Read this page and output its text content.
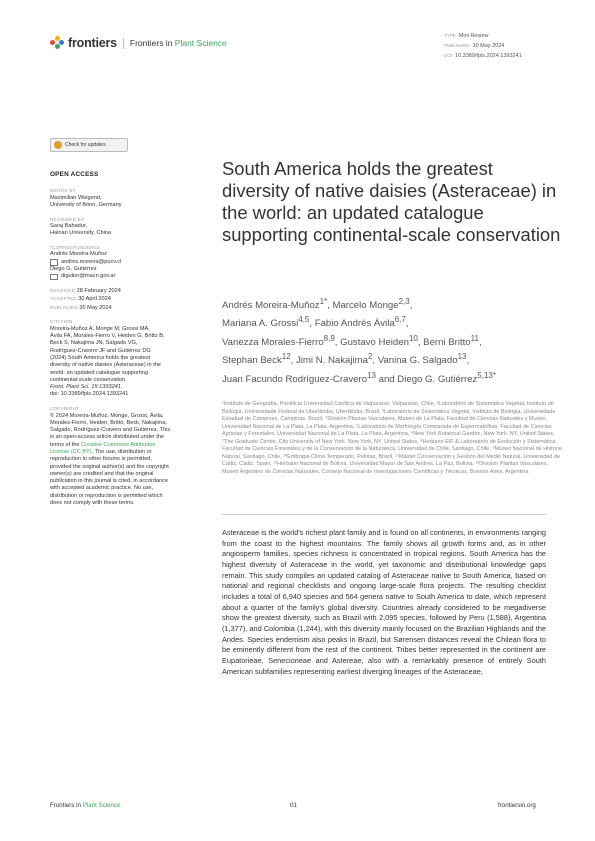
frontiers Frontiers in Plant Science
TYPE Mini Review
PUBLISHED 30 May 2024
DOI 10.3389/fpls.2024.1393241
Check for updates
OPEN ACCESS
EDITED BY
Maximilian Weigend,
University of Bonn, Germany
REVIEWED BY
Saraj Bahadur,
Hainan University, China
*CORRESPONDENCE
Andrés Moreira-Muñoz
andres.moreira@pucv.cl
Diego G. Gutiérrez
digutier@macn.gov.ar
RECEIVED 28 February 2024
ACCEPTED 30 April 2024
PUBLISHED 30 May 2024
CITATION
Moreira-Muñoz A, Monge M, Grossi MA,
Ávila FA, Morales-Fierro V, Heiden G, Britto B,
Beck S, Nakajima JN, Salgado VG,
Rodríguez-Cravero JF and Gutiérrez DG
(2024) South America holds the greatest
diversity of native daisies (Asteraceae) in the
world: an updated catalogue supporting
continental-scale conservation.
Front. Plant Sci. 15:1393241.
doi: 10.3389/fpls.2024.1393241
COPYRIGHT
© 2024 Moreira-Muñoz, Monge, Grossi, Ávila,
Morales-Fierro, Heiden, Britto, Beck, Nakajima,
Salgado, Rodríguez-Cravero and Gutiérrez. This
is an open-access article distributed under the
terms of the Creative Commons Attribution License (CC BY). The use, distribution or reproduction in other forums is permitted, provided the original author(s) and the copyright owner(s) are credited and that the original publication in this journal is cited, in accordance with accepted academic practice. No use, distribution or reproduction is permitted which does not comply with these terms.
South America holds the greatest diversity of native daisies (Asteraceae) in the world: an updated catalogue supporting continental-scale conservation
Andrés Moreira-Muñoz$^{1*}$, Marcelo Monge$^{2,3}$,
Mariana A. Grossi$^{4,5}$, Fabio Andrés Ávila$^{6,7}$,
Vanezza Morales-Fierro$^{8,9}$, Gustavo Heiden$^{10}$, Berni Britto$^{11}$,
Stephan Beck$^{12}$, Jimi N. Nakajima$^2$, Vanina G. Salgado$^{13}$,
Juan Facundo Rodríguez-Cravero$^{13}$ and Diego G. Gutiérrez$^{5,13*}$
¹Instituto de Geografía, Pontificia Universidad Católica de Valparaíso, Valparaíso, Chile, ²Laboratório de Sistemática Vegetal, Instituto de Biologia, Universidade Federal de Uberlândia, Uberlândia, Brazil, ³Laboratório de Sistemática Vegetal, Instituto de Biologia, Universidade Estadual de Campinas, Campinas, Brazil, ⁴División Plantas Vasculares, Museo de La Plata, Facultad de Ciencias Naturales y Museo, Universidad Nacional de La Plata, La Plata, Argentina, ⁵Laboratorio de Morfología Comparada de Espermatófitas, Facultad de Ciencias Agrarias y Forestales, Universidad Nacional de La Plata, La Plata, Argentina, ⁶New York Botanical Garden, New York, NY, United States, ⁷The Graduate Center, City University of New York, New York, NY, United States, ⁸Herbario EIF & Laboratorio de Evolución y Sistemática, Facultad de Ciencias Forestales y de la Conservación de la Naturaleza, Universidad de Chile, Santiago, Chile, ⁹Museo Nacional de Historia Natural, Santiago, Chile, ¹⁰Embrapa Clima Temperado, Pelotas, Brazil, ¹¹Máster Conservación y Gestión del Medio Natural, Universidad de Cádiz, Cádiz, Spain, ¹²Herbario Nacional de Bolivia, Universidad Mayor de San Andrés, La Paz, Bolivia, ¹³División Plantas Vasculares, Museo Argentino de Ciencias Naturales, Consejo Nacional de Investigaciones Científicas y Técnicas, Buenos Aires, Argentina
Asteraceae is the world's richest plant family and is found on all continents, in environments ranging from the coast to the highest mountains. The family shows all growth forms and, as in other angiosperm families, species richness is concentrated in tropical regions. South America has the highest diversity of Asteraceae in the world, yet taxonomic and distributional knowledge gaps remain. This study compiles an updated catalog of Asteraceae native to South America, based on national and regional checklists and ongoing large-scale flora projects. The resulting checklist includes a total of 6,940 species and 564 genera native to South America to date, which represent about a quarter of the family's global diversity. Countries already considered to be megadiverse show the greatest diversity, such as Brazil with 2,095 species, followed by Peru (1,588), Argentina (1,377), and Colombia (1,244), with this diversity mainly focused on the Brazilian Highlands and the Andes. Species endemism also peaks in Brazil, but Sørensen distances reveal the Chilean flora to be eminently different from the rest of the continent. Tribes better represented in the continent are Eupatorieae, Senecioneae and Astereae, also with a remarkably presence of entirely South American subfamilies representing earliest diverging lineages of the Asteraceae,
Frontiers in Plant Science	01	frontiersin.org
